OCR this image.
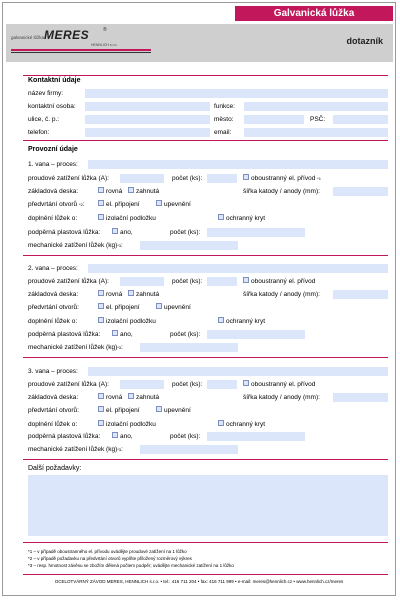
Galvanická lůžka
galvanické lůžka MERES	®
HENNLICH s.r.o.	dotazník
Kontaktní údaje
název firmy:
kontaktní osoba:	funkce:
ulice, č. p.:	město:	PSČ:
telefon:	email:
Provozní údaje
1. vana – proces:
proudové zatížení lůžka (A):	počet (ks):	oboustranný el. přívod $^{*1}$
základová deska:	rovná	zahnutá	šířka katody / anody (mm):
předvrtání otvorů $^{*2}$:	el. připojení	upevnění
doplnění lůžek o:	izolační podložku	ochranný kryt
podpěrná plastová lůžka:	ano,	počet (ks):
mechanické zatížení lůžek (kg)$^{*3}$:
2. vana – proces:
proudové zatížení lůžka (A):	počet (ks):	oboustranný el. přívod
základová deska:	rovná	zahnutá	šířka katody / anody (mm):
předvrtání otvorů:	el. připojení	upevnění
doplnění lůžek o:	izolační podložku	ochranný kryt
podpěrná plastová lůžka:	ano,	počet (ks):
mechanické zatížení lůžek (kg)$^{*3}$:
3. vana – proces:
proudové zatížení lůžka (A):	počet (ks):	oboustranný el. přívod
základová deska:	rovná	zahnutá	šířka katody / anody (mm):
předvrtání otvorů:	el. připojení	upevnění
doplnění lůžek o:	izolační podložku	ochranný kryt
podpěrná plastová lůžka:	ano,	počet (ks):
mechanické zatížení lůžek (kg)$^{*3}$:
Další požadavky:
*1 – v případě oboustranného el. přívodu uvádějte proudové zatížení na 1 lůžko
*2 – v případě požadavku na předvrtání otvorů vyplňte přiložený rozměrový výkres
*3 – resp. hmotnost závěsu se zbožím dělená počtem podpěr; uvádějte mechanické zatížení na 1 lůžko
OCELOTVÁRNÝ ZÁVOD MERES, HENNLICH s.r.o. • tel.: 416 711 204 • fax: 416 711 999 • e-mail: meres@hennlich.cz • www.hennlich.cz/meres
